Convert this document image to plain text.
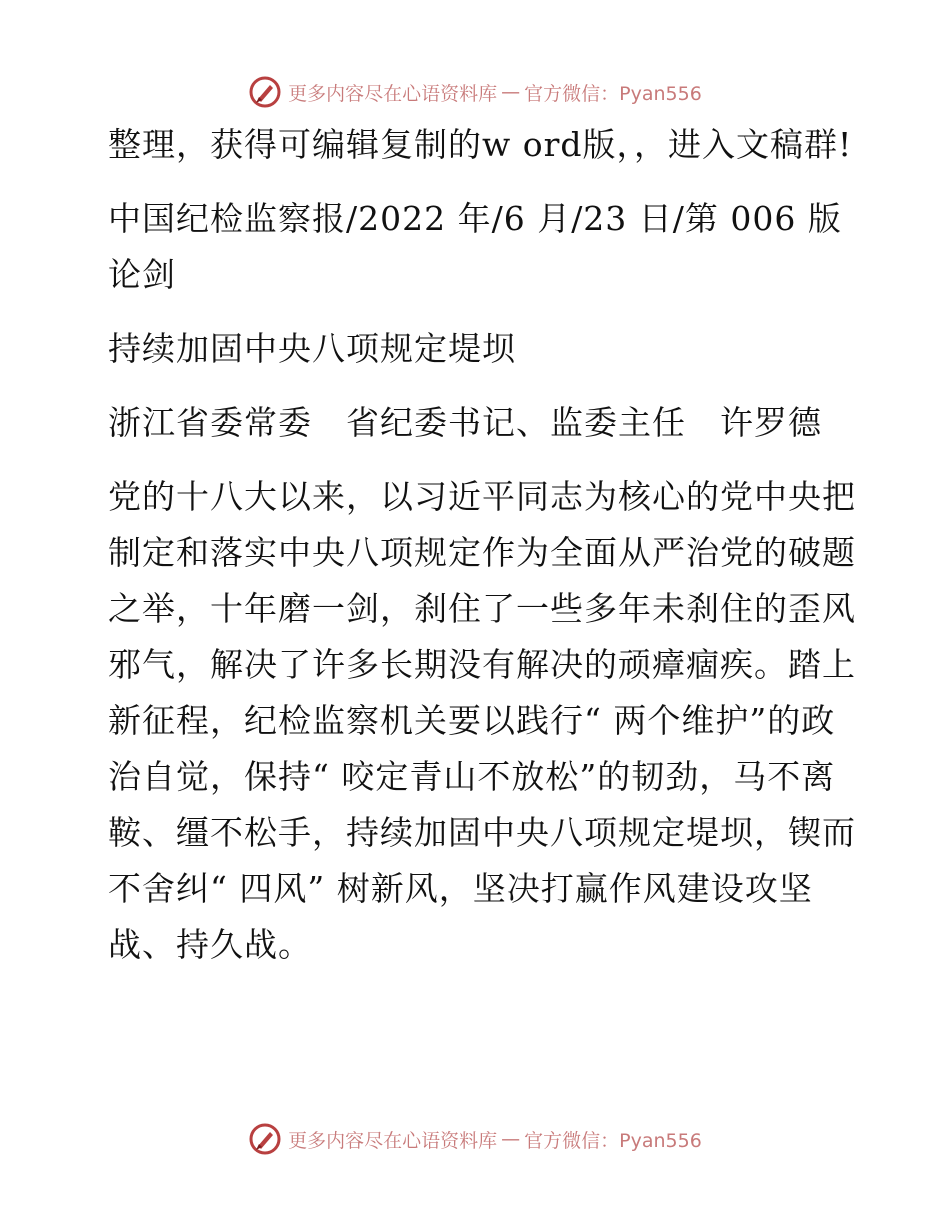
更多内容尽在心语资料库 — 官方微信：Pyan556

整理，获得可编辑复制的w ord版，，进入文稿群!

中国纪检监察报/2022 年/6 月/23 日/第 006 版论剑

持续加固中央八项规定堤坝

浙江省委常委　省纪委书记、监委主任　许罗德

党的十八大以来，以习近平同志为核心的党中央把制定和落实中央八项规定作为全面从严治党的破题之举，十年磨一剑，刹住了一些多年未刹住的歪风邪气，解决了许多长期没有解决的顽瘴痼疾。踏上新征程，纪检监察机关要以践行“ 两个维护”的政治自觉，保持“ 咬定青山不放松”的韧劲，马不离鞍、缰不松手，持续加固中央八项规定堤坝，锲而不舍纠“ 四风” 树新风，坚决打赢作风建设攻坚战、持久战。

更多内容尽在心语资料库 — 官方微信：Pyan556
